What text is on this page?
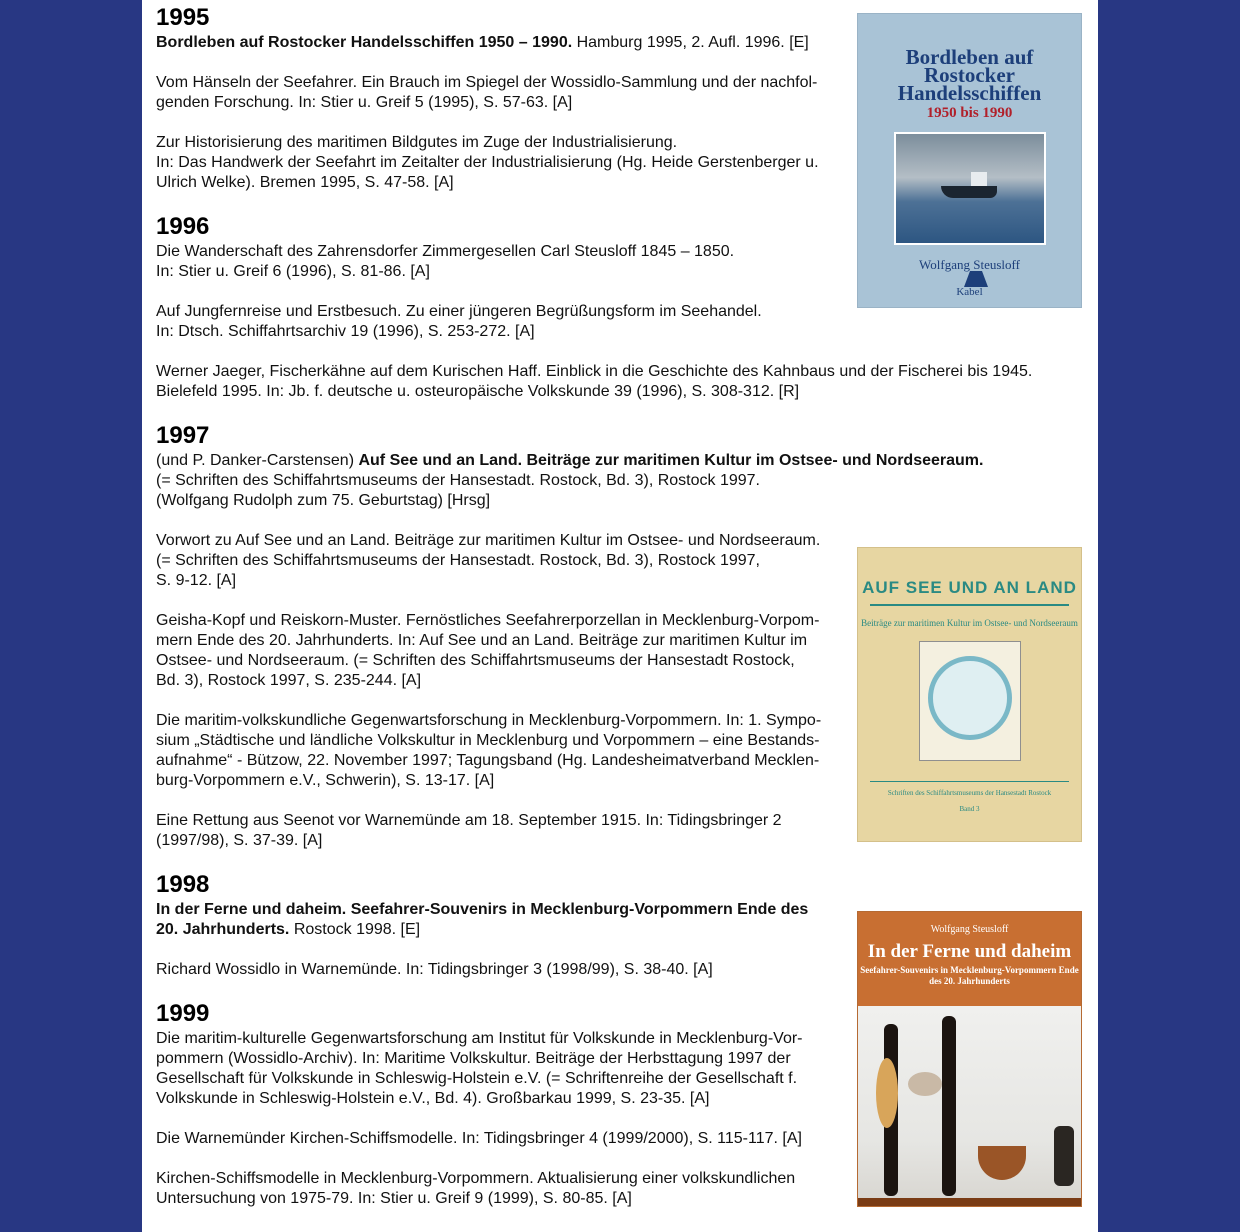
Bordleben auf Rostocker Handelsschiffen
1950 bis 1990
Wolfgang Steusloff
Kabel
1995
Bordleben auf Rostocker Handelsschiffen 1950 – 1990. Hamburg 1995, 2. Aufl. 1996. [E]
Vom Hänseln der Seefahrer. Ein Brauch im Spiegel der Wossidlo-Sammlung und der nachfol-
genden Forschung. In: Stier u. Greif 5 (1995), S. 57-63. [A]
Zur Historisierung des maritimen Bildgutes im Zuge der Industrialisierung.
In: Das Handwerk der Seefahrt im Zeitalter der Industrialisierung (Hg. Heide Gerstenberger u.
Ulrich Welke). Bremen 1995, S. 47-58. [A]
1996
Die Wanderschaft des Zahrensdorfer Zimmergesellen Carl Steusloff 1845 – 1850.
In: Stier u. Greif 6 (1996), S. 81-86. [A]
Auf Jungfernreise und Erstbesuch. Zu einer jüngeren Begrüßungsform im Seehandel.
In: Dtsch. Schiffahrtsarchiv 19 (1996), S. 253-272. [A]
Werner Jaeger, Fischerkähne auf dem Kurischen Haff. Einblick in die Geschichte des Kahnbaus und der Fischerei bis 1945.
Bielefeld 1995. In: Jb. f. deutsche u. osteuropäische Volkskunde 39 (1996), S. 308-312. [R]
1997
(und P. Danker-Carstensen) Auf See und an Land. Beiträge zur maritimen Kultur im Ostsee- und Nordseeraum.
(= Schriften des Schiffahrtsmuseums der Hansestadt. Rostock, Bd. 3), Rostock 1997.
(Wolfgang Rudolph zum 75. Geburtstag) [Hrsg]
AUF SEE UND AN LAND
Beiträge zur maritimen Kultur im Ostsee- und Nordseeraum
Schriften des Schiffahrtsmuseums der Hansestadt Rostock
Band 3
Vorwort zu Auf See und an Land. Beiträge zur maritimen Kultur im Ostsee- und Nordseeraum.
(= Schriften des Schiffahrtsmuseums der Hansestadt. Rostock, Bd. 3), Rostock 1997,
S. 9-12. [A]
Geisha-Kopf und Reiskorn-Muster. Fernöstliches Seefahrerporzellan in Mecklenburg-Vorpom-
mern Ende des 20. Jahrhunderts. In: Auf See und an Land. Beiträge zur maritimen Kultur im
Ostsee- und Nordseeraum. (= Schriften des Schiffahrtsmuseums der Hansestadt Rostock,
Bd. 3), Rostock 1997, S. 235-244. [A]
Die maritim-volkskundliche Gegenwartsforschung in Mecklenburg-Vorpommern. In: 1. Sympo-
sium „Städtische und ländliche Volkskultur in Mecklenburg und Vorpommern – eine Bestands-
aufnahme“ - Bützow, 22. November 1997; Tagungsband (Hg. Landesheimatverband Mecklen-
burg-Vorpommern e.V., Schwerin), S. 13-17. [A]
Eine Rettung aus Seenot vor Warnemünde am 18. September 1915. In: Tidingsbringer 2 (1997/98), S. 37-39. [A]
1998
Wolfgang Steusloff
In der Ferne und daheim
Seefahrer-Souvenirs in Mecklenburg-Vorpommern Ende des 20. Jahrhunderts
In der Ferne und daheim. Seefahrer-Souvenirs in Mecklenburg-Vorpommern Ende des
20. Jahrhunderts. Rostock 1998. [E]
Richard Wossidlo in Warnemünde. In: Tidingsbringer 3 (1998/99), S. 38-40. [A]
1999
Die maritim-kulturelle Gegenwartsforschung am Institut für Volkskunde in Mecklenburg-Vor-
pommern (Wossidlo-Archiv). In: Maritime Volkskultur. Beiträge der Herbsttagung 1997 der
Gesellschaft für Volkskunde in Schleswig-Holstein e.V. (= Schriftenreihe der Gesellschaft f.
Volkskunde in Schleswig-Holstein e.V., Bd. 4). Großbarkau 1999, S. 23-35. [A]
Die Warnemünder Kirchen-Schiffsmodelle. In: Tidingsbringer 4 (1999/2000), S. 115-117. [A]
Kirchen-Schiffsmodelle in Mecklenburg-Vorpommern. Aktualisierung einer volkskundlichen
Untersuchung von 1975-79. In: Stier u. Greif 9 (1999), S. 80-85. [A]
